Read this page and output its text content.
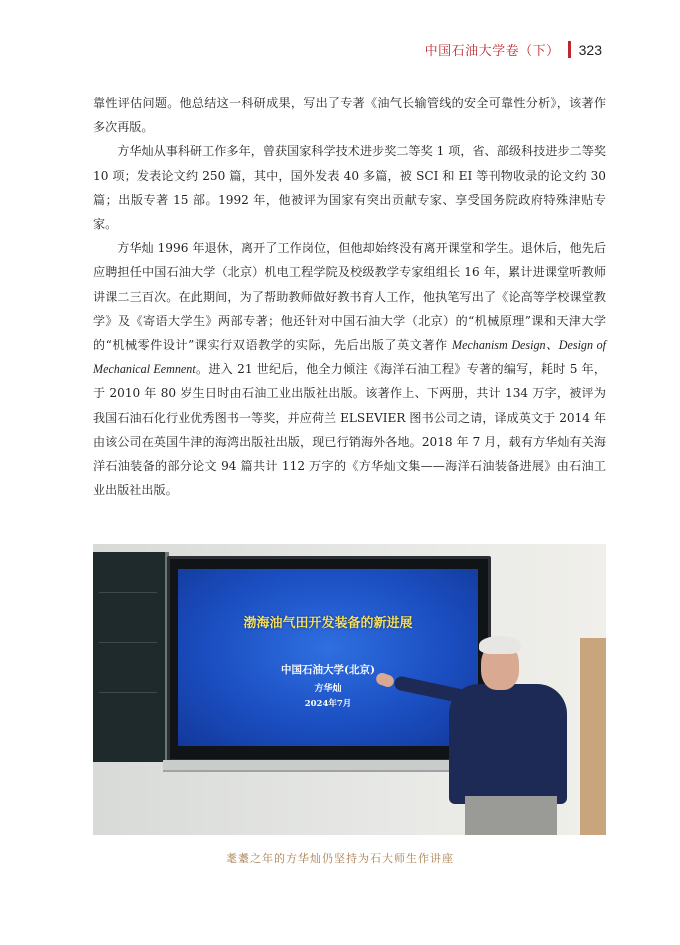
中国石油大学卷（下） 323

靠性评估问题。他总结这一科研成果，写出了专著《油气长输管线的安全可靠性分析》，该著作多次再版。

方华灿从事科研工作多年，曾获国家科学技术进步奖二等奖 1 项，省、部级科技进步二等奖 10 项；发表论文约 250 篇，其中，国外发表 40 多篇，被 SCI 和 EI 等刊物收录的论文约 30 篇；出版专著 15 部。1992 年，他被评为国家有突出贡献专家、享受国务院政府特殊津贴专家。

方华灿 1996 年退休，离开了工作岗位，但他却始终没有离开课堂和学生。退休后，他先后应聘担任中国石油大学（北京）机电工程学院及校级教学专家组组长 16 年，累计进课堂听教师讲课二三百次。在此期间，为了帮助教师做好教书育人工作，他执笔写出了《论高等学校课堂教学》及《寄语大学生》两部专著；他还针对中国石油大学（北京）的“机械原理”课和天津大学的“机械零件设计”课实行双语教学的实际，先后出版了英文著作 Mechanism Design、Design of Mechanical Eemnent。进入 21 世纪后，他全力倾注《海洋石油工程》专著的编写，耗时 5 年，于 2010 年 80 岁生日时由石油工业出版社出版。该著作上、下两册，共计 134 万字，被评为我国石油石化行业优秀图书一等奖，并应荷兰 ELSEVIER 图书公司之请，译成英文于 2014 年由该公司在英国牛津的海湾出版社出版，现已行销海外各地。2018 年 7 月，载有方华灿有关海洋石油装备的部分论文 94 篇共计 112 万字的《方华灿文集——海洋石油装备进展》由石油工业出版社出版。

渤海油气田开发装备的新进展
中国石油大学(北京)
方华灿
2024年7月
耄耋之年的方华灿仍坚持为石大师生作讲座
